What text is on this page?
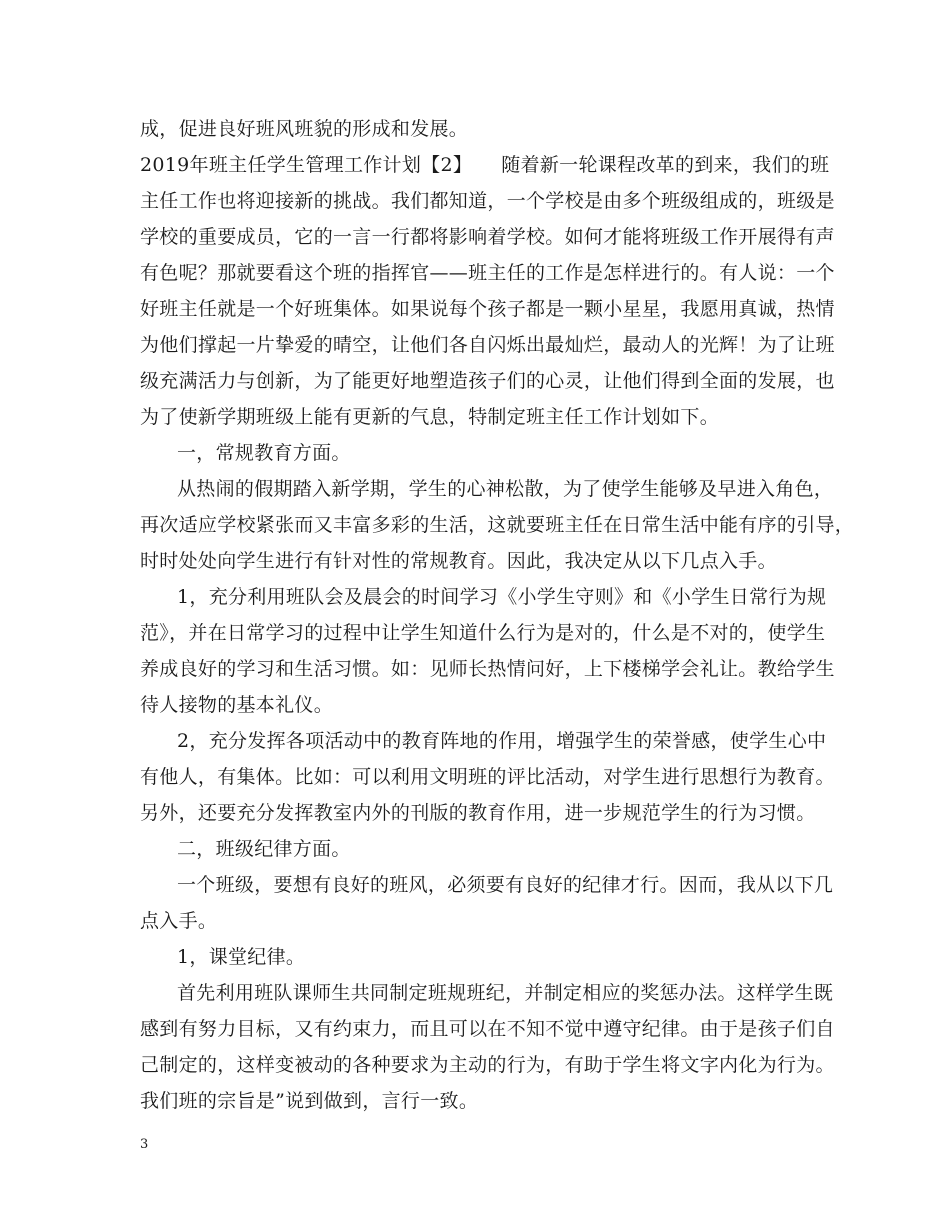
成，促进良好班风班貌的形成和发展。
2019年班主任学生管理工作计划【2】　　随着新一轮课程改革的到来，我们的班
主任工作也将迎接新的挑战。我们都知道，一个学校是由多个班级组成的，班级是
学校的重要成员，它的一言一行都将影响着学校。如何才能将班级工作开展得有声
有色呢？那就要看这个班的指挥官——班主任的工作是怎样进行的。有人说：一个
好班主任就是一个好班集体。如果说每个孩子都是一颗小星星，我愿用真诚，热情
为他们撑起一片挚爱的晴空，让他们各自闪烁出最灿烂，最动人的光辉！为了让班
级充满活力与创新，为了能更好地塑造孩子们的心灵，让他们得到全面的发展，也
为了使新学期班级上能有更新的气息，特制定班主任工作计划如下。
一，常规教育方面。
从热闹的假期踏入新学期，学生的心神松散，为了使学生能够及早进入角色，
再次适应学校紧张而又丰富多彩的生活，这就要班主任在日常生活中能有序的引导，
时时处处向学生进行有针对性的常规教育。因此，我决定从以下几点入手。
1，充分利用班队会及晨会的时间学习《小学生守则》和《小学生日常行为规
范》，并在日常学习的过程中让学生知道什么行为是对的，什么是不对的，使学生
养成良好的学习和生活习惯。如：见师长热情问好，上下楼梯学会礼让。教给学生
待人接物的基本礼仪。
2，充分发挥各项活动中的教育阵地的作用，增强学生的荣誉感，使学生心中
有他人，有集体。比如：可以利用文明班的评比活动，对学生进行思想行为教育。
另外，还要充分发挥教室内外的刊版的教育作用，进一步规范学生的行为习惯。
二，班级纪律方面。
一个班级，要想有良好的班风，必须要有良好的纪律才行。因而，我从以下几
点入手。
1，课堂纪律。
首先利用班队课师生共同制定班规班纪，并制定相应的奖惩办法。这样学生既
感到有努力目标，又有约束力，而且可以在不知不觉中遵守纪律。由于是孩子们自
己制定的，这样变被动的各种要求为主动的行为，有助于学生将文字内化为行为。
我们班的宗旨是”说到做到，言行一致。
3
